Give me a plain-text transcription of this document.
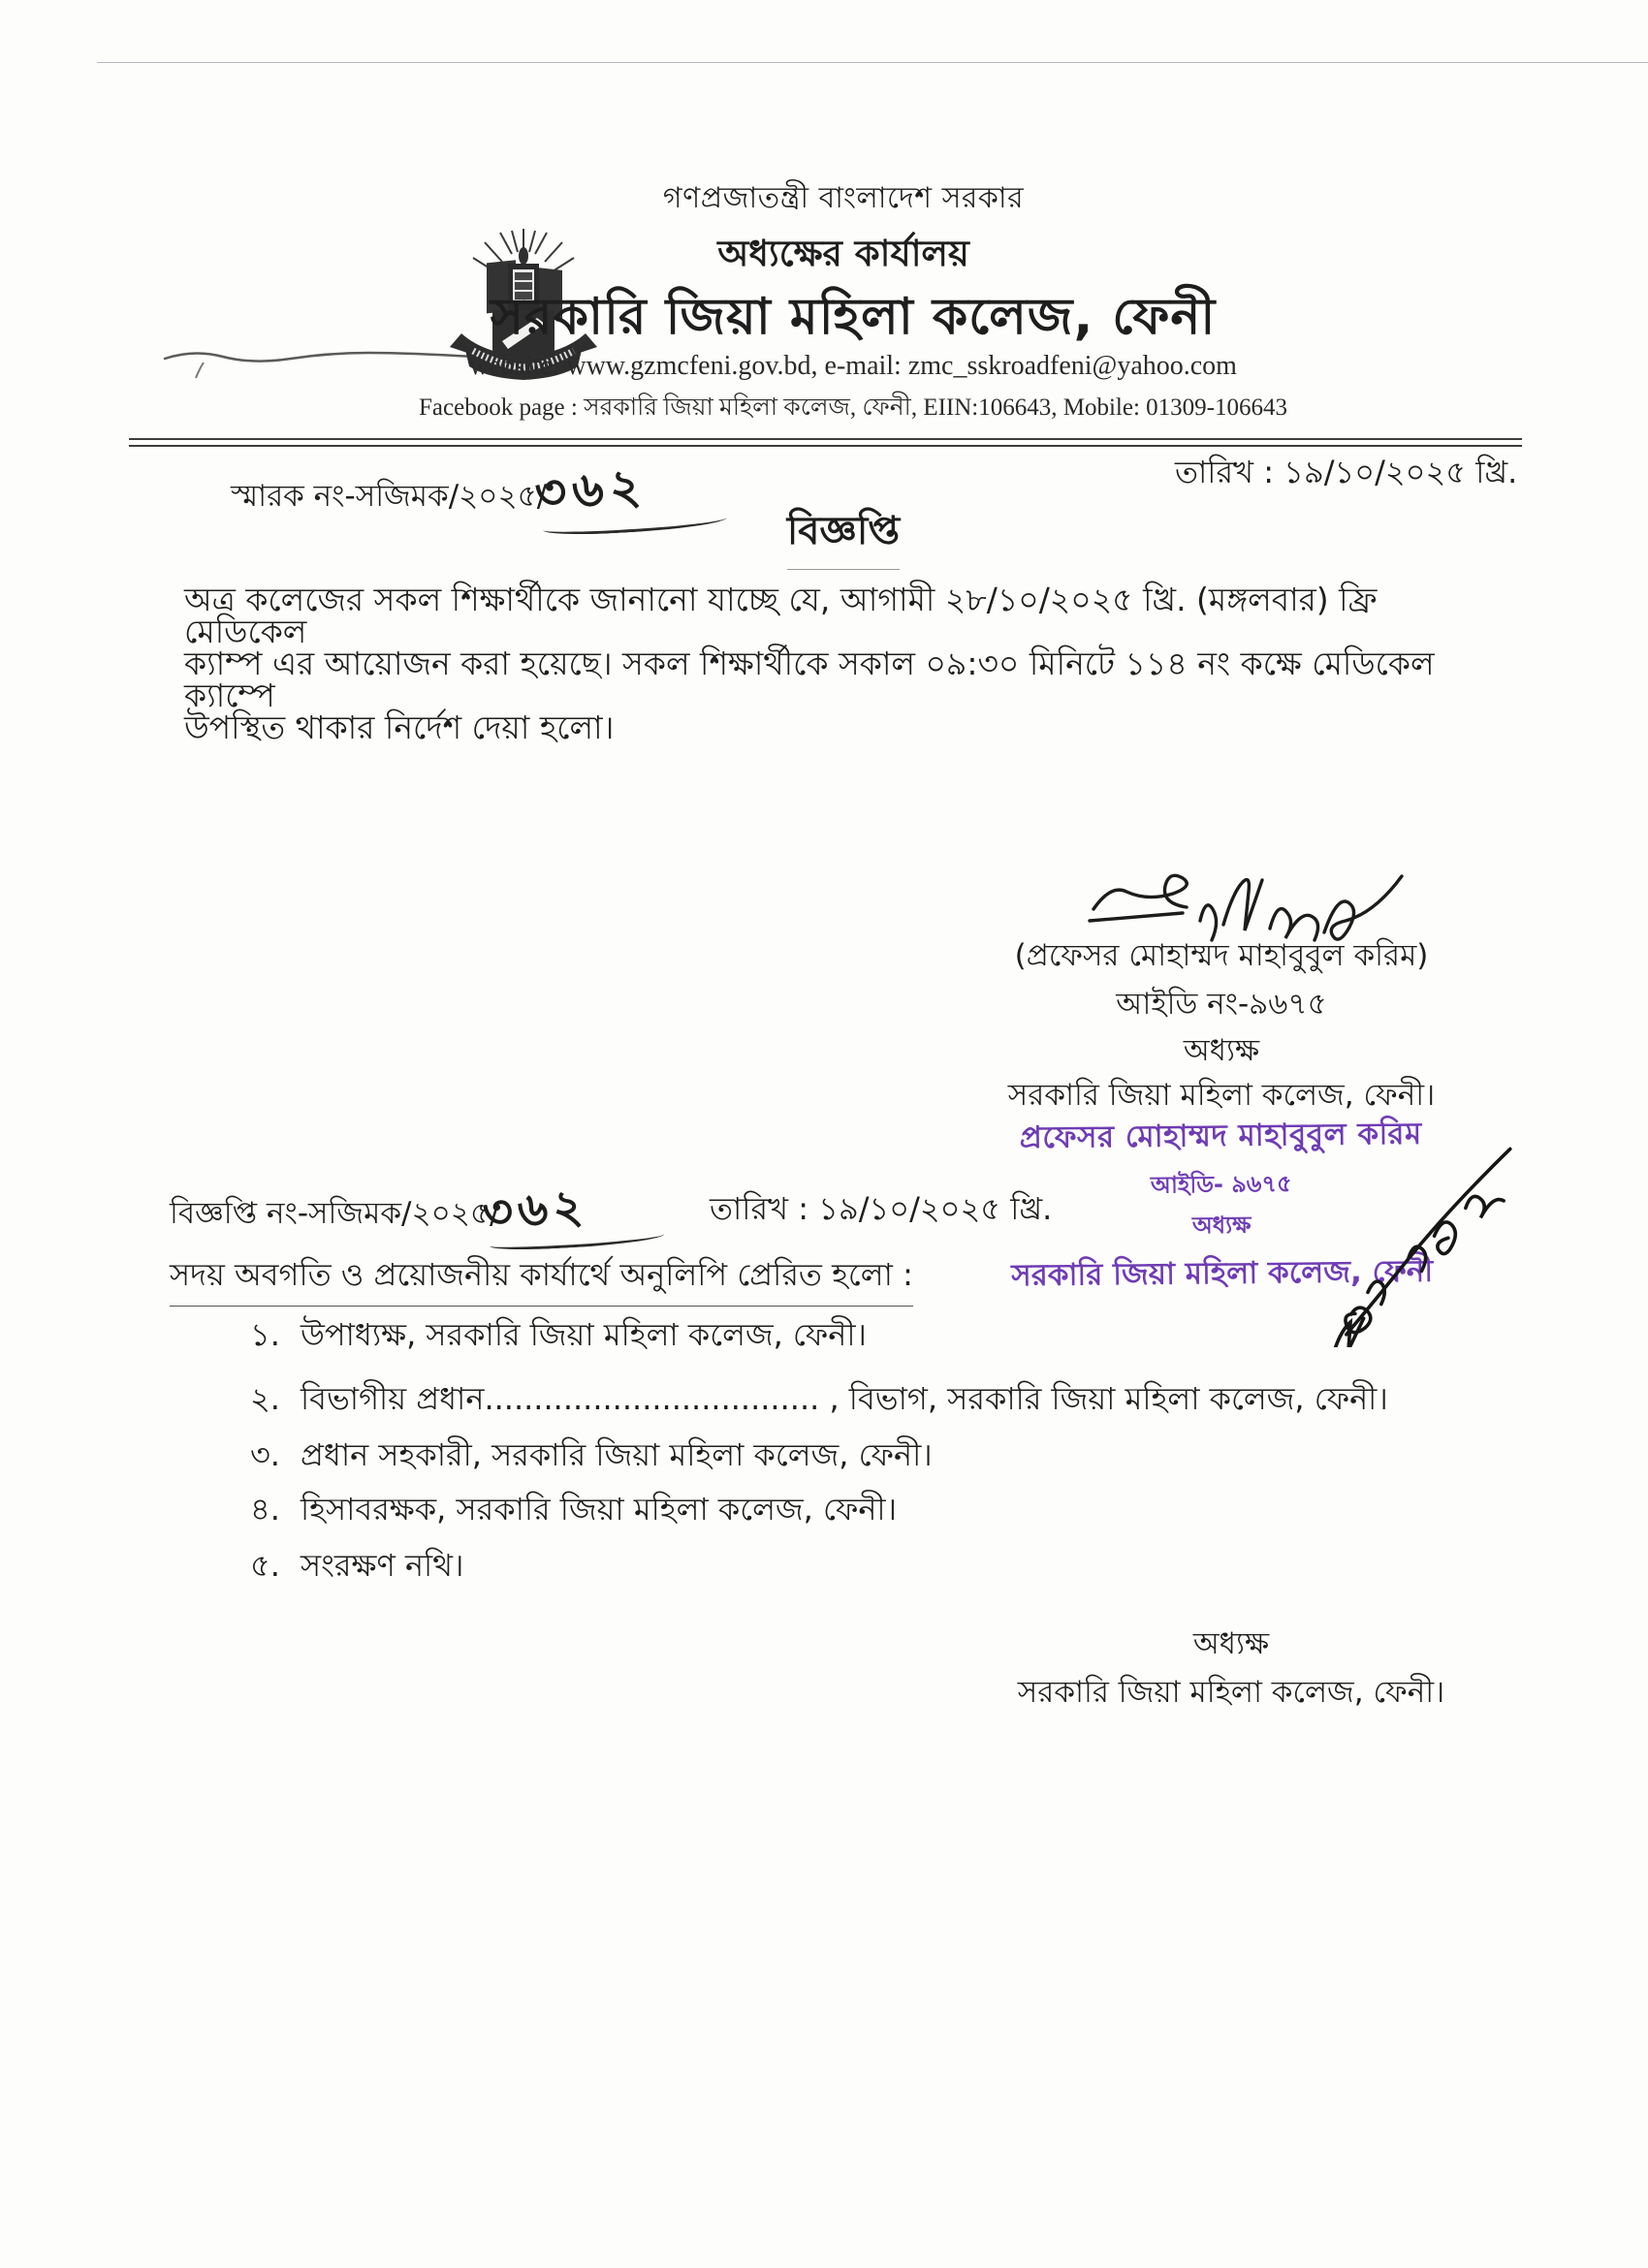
গণপ্রজাতন্ত্রী বাংলাদেশ সরকার
অধ্যক্ষের কার্যালয়
সরকারি জিয়া মহিলা কলেজ, ফেনী
website: www.gzmcfeni.gov.bd, e-mail: zmc_sskroadfeni@yahoo.com
Facebook page : সরকারি জিয়া মহিলা কলেজ, ফেনী, EIIN:106643, Mobile: 01309-106643
স্মারক নং-সজিমক/২০২৫/
৩৬২	তারিখ : ১৯/১০/২০২৫ খ্রি.
বিজ্ঞপ্তি
অত্র কলেজের সকল শিক্ষার্থীকে জানানো যাচ্ছে যে, আগামী ২৮/১০/২০২৫ খ্রি. (মঙ্গলবার) ফ্রি মেডিকেল
ক্যাম্প এর আয়োজন করা হয়েছে। সকল শিক্ষার্থীকে সকাল ০৯:৩০ মিনিটে ১১৪ নং কক্ষে মেডিকেল ক্যাম্পে
উপস্থিত থাকার নির্দেশ দেয়া হলো।
(প্রফেসর মোহাম্মদ মাহাবুবুল করিম)
আইডি নং-৯৬৭৫
অধ্যক্ষ
সরকারি জিয়া মহিলা কলেজ, ফেনী।
প্রফেসর মোহাম্মদ মাহাবুবুল করিম
আইডি- ৯৬৭৫
অধ্যক্ষ
সরকারি জিয়া মহিলা কলেজ, ফেনী
বিজ্ঞপ্তি নং-সজিমক/২০২৫/
৩৬২	তারিখ : ১৯/১০/২০২৫ খ্রি.
সদয় অবগতি ও প্রয়োজনীয় কার্যার্থে অনুলিপি প্রেরিত হলো :
১. উপাধ্যক্ষ, সরকারি জিয়া মহিলা কলেজ, ফেনী।
২. বিভাগীয় প্রধান.................................. , বিভাগ, সরকারি জিয়া মহিলা কলেজ, ফেনী।
৩. প্রধান সহকারী, সরকারি জিয়া মহিলা কলেজ, ফেনী।
৪. হিসাবরক্ষক, সরকারি জিয়া মহিলা কলেজ, ফেনী।
৫. সংরক্ষণ নথি।
অধ্যক্ষ
সরকারি জিয়া মহিলা কলেজ, ফেনী।
